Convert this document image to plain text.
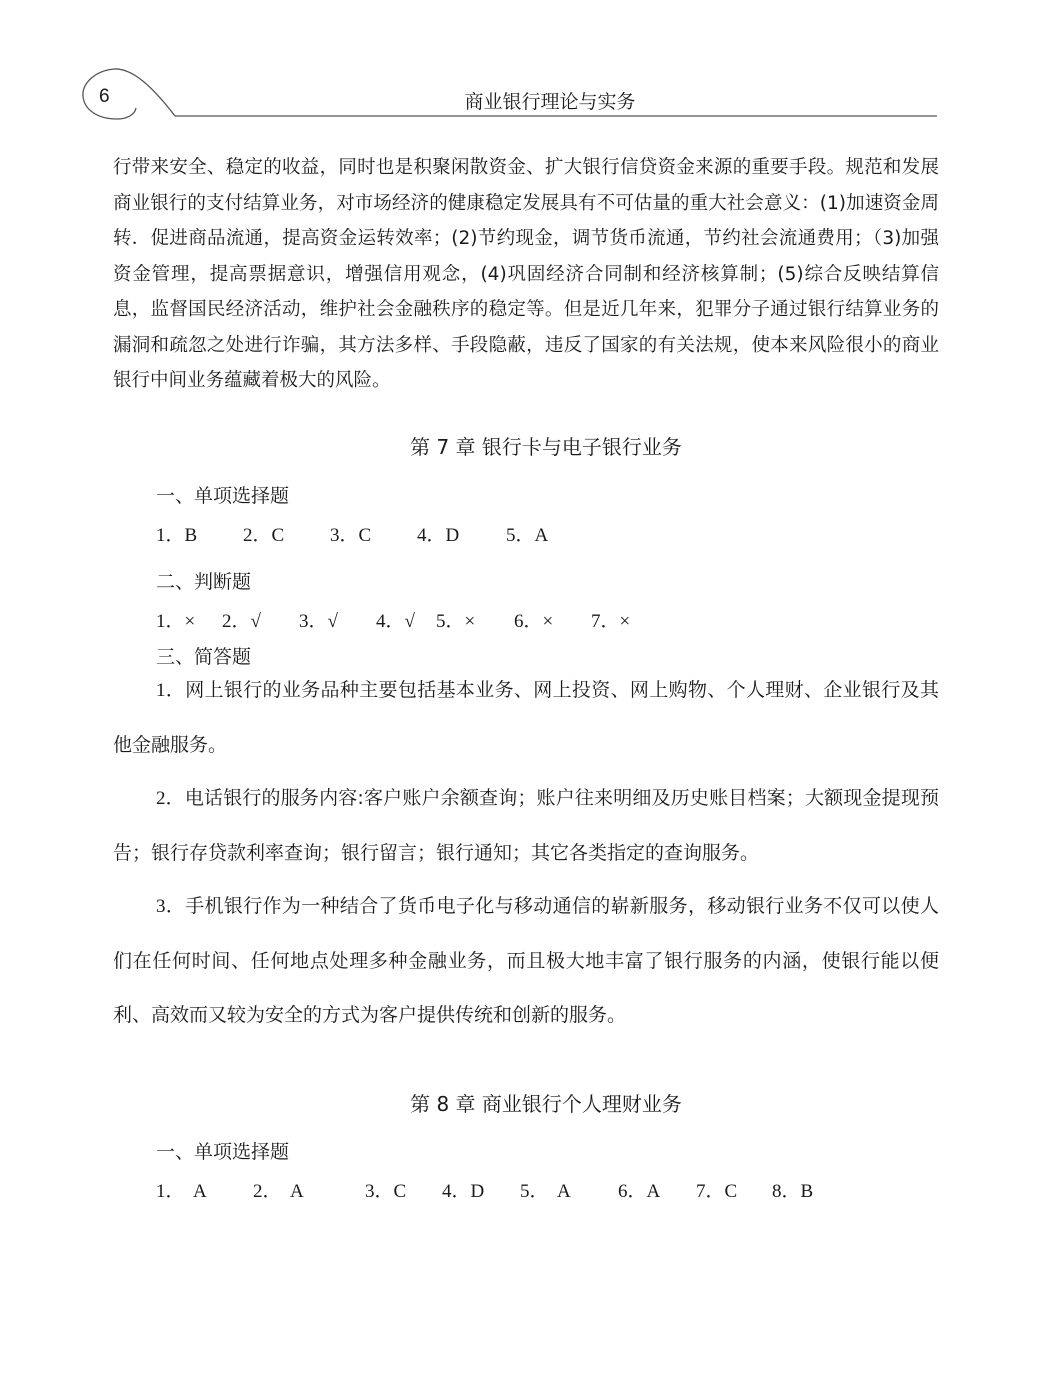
6	商业银行理论与实务

行带来安全、稳定的收益，同时也是积聚闲散资金、扩大银行信贷资金来源的重要手段。规范和发展商业银行的支付结算业务，对市场经济的健康稳定发展具有不可估量的重大社会意义：(1)加速资金周转．促进商品流通，提高资金运转效率；(2)节约现金，调节货币流通，节约社会流通费用；（3)加强资金管理，提高票据意识，增强信用观念，(4)巩固经济合同制和经济核算制；(5)综合反映结算信息，监督国民经济活动，维护社会金融秩序的稳定等。但是近几年来，犯罪分子通过银行结算业务的漏洞和疏忽之处进行诈骗，其方法多样、手段隐蔽，违反了国家的有关法规，使本来风险很小的商业银行中间业务蕴藏着极大的风险。

第 7 章 银行卡与电子银行业务
一、单项选择题

1．B

2．C

3．C

4．D

5．A

二、判断题

1．×

2．√

3．√

4．√

5．×

6．×

7．×

三、简答题

1．网上银行的业务品种主要包括基本业务、网上投资、网上购物、个人理财、企业银行及其他金融服务。

2．电话银行的服务内容:客户账户余额查询；账户往来明细及历史账目档案；大额现金提现预告；银行存贷款利率查询；银行留言；银行通知；其它各类指定的查询服务。

3．手机银行作为一种结合了货币电子化与移动通信的崭新服务，移动银行业务不仅可以使人们在任何时间、任何地点处理多种金融业务，而且极大地丰富了银行服务的内涵，使银行能以便利、高效而又较为安全的方式为客户提供传统和创新的服务。

第 8 章 商业银行个人理财业务
一、单项选择题

1．  A

2．  A

	3．C

4．D

5．  A

6．A

7．C

8．B
